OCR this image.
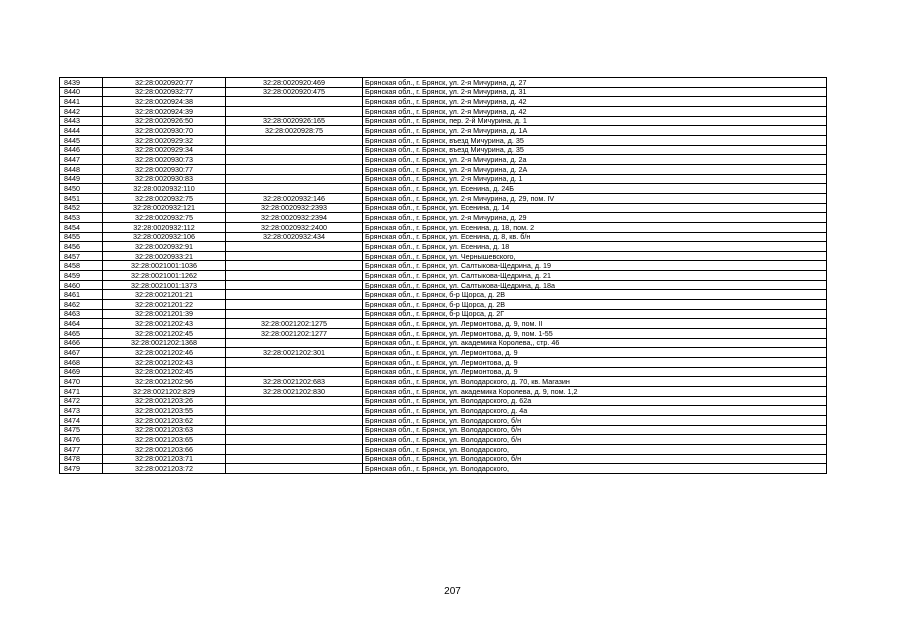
8439	32:28:0020920:77	32:28:0020920:469	Брянская обл., г. Брянск, ул. 2-я Мичурина, д. 27
8440	32:28:0020932:77	32:28:0020920:475	Брянская обл., г. Брянск, ул. 2-я Мичурина, д. 31
8441	32:28:0020924:38		Брянская обл., г. Брянск, ул. 2-я Мичурина, д. 42
8442	32:28:0020924:39		Брянская обл., г. Брянск, ул. 2-я Мичурина, д. 42
8443	32:28:0020926:50	32:28:0020926:165	Брянская обл., г. Брянск, пер. 2-й Мичурина, д. 1
8444	32:28:0020930:70	32:28:0020928:75	Брянская обл., г. Брянск, ул. 2-я Мичурина, д. 1А
8445	32:28:0020929:32		Брянская обл., г. Брянск, въезд Мичурина, д. 35
8446	32:28:0020929:34		Брянская обл., г. Брянск, въезд Мичурина, д. 35
8447	32:28:0020930:73		Брянская обл., г. Брянск, ул. 2-я Мичурина, д. 2а
8448	32:28:0020930:77		Брянская обл., г. Брянск, ул. 2-я Мичурина, д. 2А
8449	32:28:0020930:83		Брянская обл., г. Брянск, ул. 2-я Мичурина, д. 1
8450	32:28:0020932:110		Брянская обл., г. Брянск, ул. Есенина, д. 24Б
8451	32:28:0020932:75	32:28:0020932:146	Брянская обл., г. Брянск, ул. 2-я Мичурина, д. 29, пом. IV
8452	32:28:0020932:121	32:28:0020932:2393	Брянская обл., г. Брянск, ул. Есенина, д. 14
8453	32:28:0020932:75	32:28:0020932:2394	Брянская обл., г. Брянск, ул. 2-я Мичурина, д. 29
8454	32:28:0020932:112	32:28:0020932:2400	Брянская обл., г. Брянск, ул. Есенина, д. 18, пом. 2
8455	32:28:0020932:106	32:28:0020932:434	Брянская обл., г. Брянск, ул. Есенина, д. 8, кв. б/н
8456	32:28:0020932:91		Брянская обл., г. Брянск, ул. Есенина, д. 18
8457	32:28:0020933:21		Брянская обл., г. Брянск, ул. Чернышевского,
8458	32:28:0021001:1036		Брянская обл., г. Брянск, ул. Салтыкова-Щедрина, д. 19
8459	32:28:0021001:1262		Брянская обл., г. Брянск, ул. Салтыкова-Щедрина, д. 21
8460	32:28:0021001:1373		Брянская обл., г. Брянск, ул. Салтыкова-Щедрина, д. 18а
8461	32:28:0021201:21		Брянская обл., г. Брянск, б-р Щорса, д. 2В
8462	32:28:0021201:22		Брянская обл., г. Брянск, б-р Щорса, д. 2В
8463	32:28:0021201:39		Брянская обл., г. Брянск, б-р Щорса, д. 2Г
8464	32:28:0021202:43	32:28:0021202:1275	Брянская обл., г. Брянск, ул. Лермонтова, д. 9, пом. II
8465	32:28:0021202:45	32:28:0021202:1277	Брянская обл., г. Брянск, ул. Лермонтова, д. 9, пом. 1-55
8466	32:28:0021202:1368		Брянская обл., г. Брянск, ул. академика Королева,, стр. 46
8467	32:28:0021202:46	32:28:0021202:301	Брянская обл., г. Брянск, ул. Лермонтова, д. 9
8468	32:28:0021202:43		Брянская обл., г. Брянск, ул. Лермонтова, д. 9
8469	32:28:0021202:45		Брянская обл., г. Брянск, ул. Лермонтова, д. 9
8470	32:28:0021202:96	32:28:0021202:683	Брянская обл., г. Брянск, ул. Володарского, д. 70, кв. Магазин
8471	32:28:0021202:829	32:28:0021202:830	Брянская обл., г. Брянск, ул. академика Королева, д. 9, пом. 1,2
8472	32:28:0021203:26		Брянская обл., г. Брянск, ул. Володарского, д. 62а
8473	32:28:0021203:55		Брянская обл., г. Брянск, ул. Володарского, д. 4а
8474	32:28:0021203:62		Брянская обл., г. Брянск, ул. Володарского, б/н
8475	32:28:0021203:63		Брянская обл., г. Брянск, ул. Володарского, б/н
8476	32:28:0021203:65		Брянская обл., г. Брянск, ул. Володарского, б/н
8477	32:28:0021203:66		Брянская обл., г. Брянск, ул. Володарского,
8478	32:28:0021203:71		Брянская обл., г. Брянск, ул. Володарского, б/н
8479	32:28:0021203:72		Брянская обл., г. Брянск, ул. Володарского,
207
